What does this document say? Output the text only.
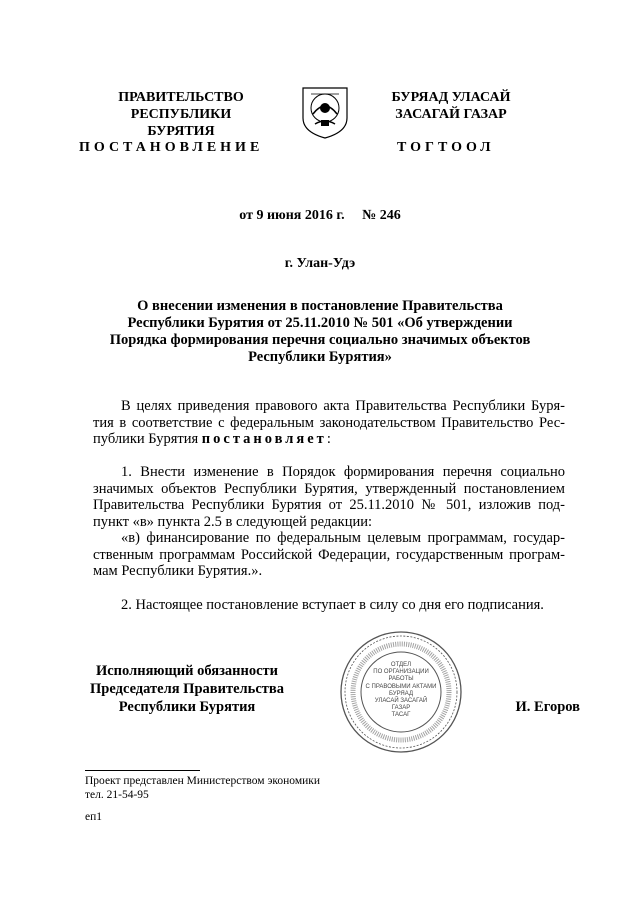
ПРАВИТЕЛЬСТВО
РЕСПУБЛИКИ БУРЯТИЯ
БУРЯАД УЛАСАЙ
ЗАСАГАЙ ГАЗАР
ПОСТАНОВЛЕНИЕ	ТОГТООЛ
от 9 июня 2016 г.     № 246
г. Улан-Удэ
О внесении изменения в постановление Правительства
Республики Бурятия от 25.11.2010 № 501 «Об утверждении
Порядка формирования перечня социально значимых объектов
Республики Бурятия»
В целях приведения правового акта Правительства Республики Буря-
тия в соответствие с федеральным законодательством Правительство Рес-
публики Бурятия постановляет:
1. Внести изменение в Порядок формирования перечня социально
значимых объектов Республики Бурятия, утвержденный постановлением
Правительства Республики Бурятия от 25.11.2010 № 501, изложив под-
пункт «в» пункта 2.5 в следующей редакции:
«в) финансирование по федеральным целевым программам, государ-
ственным программам Российской Федерации, государственным програм-
мам Республики Бурятия.».
2. Настоящее постановление вступает в силу со дня его подписания.
Исполняющий обязанности
Председателя Правительства
Республики Бурятия
ОТДЕЛ
ПО ОРГАНИЗАЦИИ
РАБОТЫ
С ПРАВОВЫМИ АКТАМИ
БУРЯАД
УЛАСАЙ ЗАСАГАЙ
ГАЗАР
ТАСАГ
И. Егоров
Проект представлен Министерством экономики
тел. 21-54-95
еп1
